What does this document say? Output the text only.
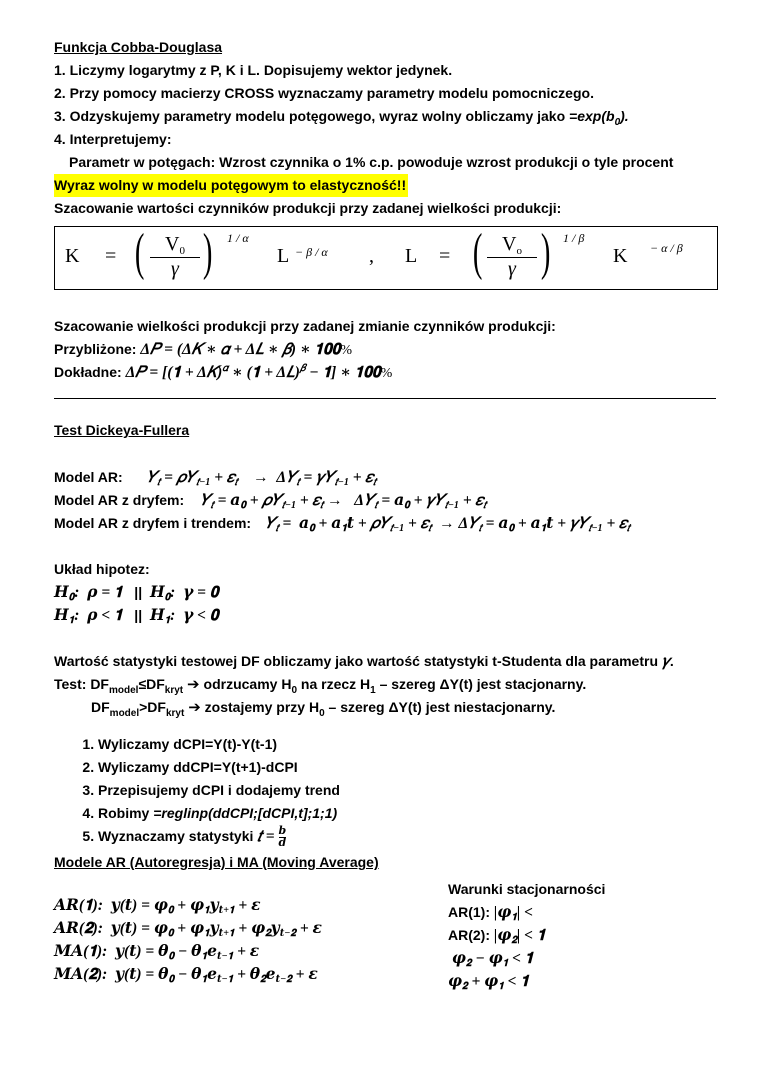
Funkcja Cobba-Douglasa
1. Liczymy logarytmy z P, K i L. Dopisujemy wektor jedynek.
2. Przy pomocy macierzy CROSS wyznaczamy parametry modelu pomocniczego.
3. Odzyskujemy parametry modelu potęgowego, wyraz wolny obliczamy jako $=\exp(b_0)$.
4. Interpretujemy:
Parametr w potęgach: Wzrost czynnika o 1% c.p. powoduje wzrost produkcji o tyle procent
Wyraz wolny w modelu potęgowym to elastyczność!!
Szacowanie wartości czynników produkcji przy zadanej wielkości produkcji:
K = ( $\frac{V_0}{\gamma}$ ) 1 / α
L − β / α , L = ( $\frac{V_o}{\gamma}$ ) 1 / β
K − α / β
Szacowanie wielkości produkcji przy zadanej zmianie czynników produkcji:
Przybliżone: Δ𝑃 = (Δ𝐾 ∗ 𝛼 + Δ𝐿 ∗ 𝛽) ∗ 𝟏𝟎𝟎%
Dokładne: Δ𝑃 = [(𝟏 + Δ𝐾)$^𝛼$ ∗ (𝟏 + Δ𝐿)$^𝛽$ − 𝟏] ∗ 𝟏𝟎𝟎%
Test Dickeya-Fullera
Model AR: 𝑌$_𝑡$ = 𝜌𝑌$_{𝑡-1}$ + 𝜀$_𝑡$    →  Δ𝑌$_𝑡$ = 𝛾𝑌$_{𝑡-1}$ + 𝜀$_𝑡$
Model AR z dryfem: 𝑌$_𝑡$ = 𝒂$_𝟎$ + 𝜌𝑌$_{𝑡-1}$ + 𝜀$_𝑡$ →   Δ𝑌$_𝑡$ = 𝒂$_𝟎$ + 𝛾𝑌$_{𝑡-1}$ + 𝜀$_𝑡$
Model AR z dryfem i trendem: 𝑌$_𝑡$ =  𝒂$_𝟎$ + 𝒂$_𝟏$𝒕 + 𝜌𝑌$_{𝑡-1}$ + 𝜀$_𝑡$  → Δ𝑌$_𝑡$ = 𝒂$_𝟎$ + 𝒂$_𝟏$𝒕 + 𝛾𝑌$_{𝑡-1}$ + 𝜀$_𝑡$
Układ hipotez:
𝑯$_𝟎$:  𝝆 = 𝟏   ||  𝑯$_𝟎$:  𝜸 = 𝟎
𝑯$_𝟏$:  𝝆 < 𝟏   ||  𝑯$_𝟏$:  𝜸 < 𝟎
Wartość statystyki testowej DF obliczamy jako wartość statystyki t-Studenta dla parametru 𝛾.
Test: $DF_{model}\le DF_{kryt}$ ➔ odrzucamy $H_0$ na rzecz $H_1$ – szereg ΔY(t) jest stacjonarny.
$DF_{model}>DF_{kryt}$ ➔ zostajemy przy $H_0$ – szereg ΔY(t) jest niestacjonarny.
1. Wyliczamy dCPI=Y(t)-Y(t-1)
2. Wyliczamy ddCPI=Y(t+1)-dCPI
3. Przepisujemy dCPI i dodajemy trend
4. Robimy =reglinp(ddCPI;[dCPI,t];1;1)
5. Wyznaczamy statystyki 𝑡 = 𝒃
𝒅
Modele AR (Autoregresja) i MA (Moving Average)
𝑨𝑹(𝟏):  𝒚(𝒕) = 𝝋$_𝟎$ + 𝝋$_𝟏$𝒚$_{𝒕+𝟏}$ + 𝜺
𝑨𝑹(𝟐):  𝒚(𝒕) = 𝝋$_𝟎$ + 𝝋$_𝟏$𝒚$_{𝒕+𝟏}$ + 𝝋$_𝟐$𝒚$_{𝒕-𝟐}$ + 𝜺
𝑴𝑨(𝟏):  𝒚(𝒕) = 𝜽$_𝟎$ − 𝜽$_𝟏$𝒆$_{𝒕-𝟏}$ + 𝜺
𝑴𝑨(𝟐):  𝒚(𝒕) = 𝜽$_𝟎$ − 𝜽$_𝟏$𝒆$_{𝒕-𝟏}$ + 𝜽$_𝟐$𝒆$_{𝒕-𝟐}$ + 𝜺
Warunki stacjonarności
AR(1): |𝝋$_𝟏$| <
AR(2): |𝝋$_𝟐$| < 𝟏
𝝋$_𝟐$ − 𝝋$_𝟏$ < 𝟏
𝝋$_𝟐$ + 𝝋$_𝟏$ < 𝟏
